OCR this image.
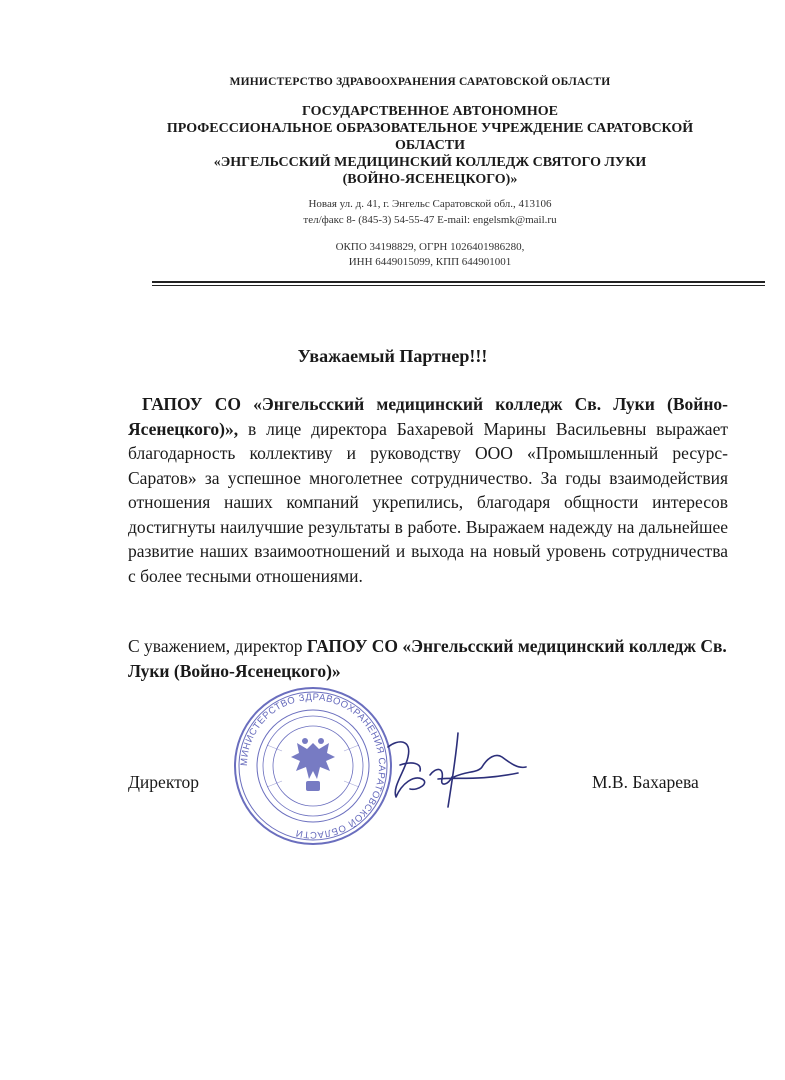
МИНИСТЕРСТВО ЗДРАВООХРАНЕНИЯ САРАТОВСКОЙ ОБЛАСТИ
ГОСУДАРСТВЕННОЕ АВТОНОМНОЕ
ПРОФЕССИОНАЛЬНОЕ ОБРАЗОВАТЕЛЬНОЕ УЧРЕЖДЕНИЕ САРАТОВСКОЙ
ОБЛАСТИ
«ЭНГЕЛЬССКИЙ МЕДИЦИНСКИЙ КОЛЛЕДЖ СВЯТОГО ЛУКИ
(ВОЙНО-ЯСЕНЕЦКОГО)»
Новая ул. д. 41, г. Энгельс Саратовской обл., 413106
тел/факс 8- (845-3) 54-55-47 E-mail: engelsmk@mail.ru
ОКПО 34198829, ОГРН 1026401986280,
ИНН 6449015099, КПП 644901001
Уважаемый Партнер!!!
ГАПОУ СО «Энгельсский медицинский колледж Св. Луки (Войно-Ясенецкого)», в лице директора Бахаревой Марины Васильевны выражает благодарность коллективу и руководству ООО «Промышленный ресурс-Саратов» за успешное многолетнее сотрудничество. За годы взаимодействия отношения наших компаний укрепились, благодаря общности интересов достигнуты наилучшие результаты в работе. Выражаем надежду на дальнейшее развитие наших взаимоотношений и выхода на новый уровень сотрудничества с более тесными отношениями.
С уважением, директор ГАПОУ СО «Энгельсский медицинский колледж Св. Луки (Войно-Ясенецкого)»
МИНИСТЕРСТВО ЗДРАВООХРАНЕНИЯ САРАТОВСКОЙ ОБЛАСТИ
Директор	М.В. Бахарева
